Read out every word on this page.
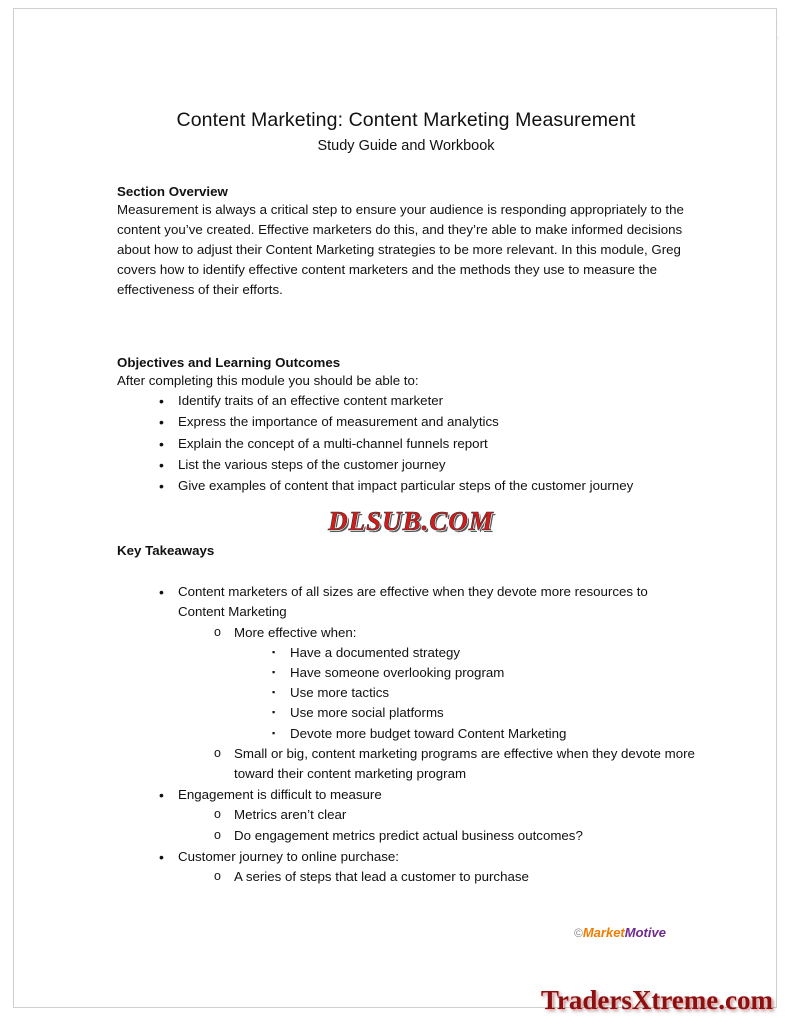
Content Marketing: Content Marketing Measurement
Study Guide and Workbook
Section Overview
Measurement is always a critical step to ensure your audience is responding appropriately to the content you’ve created. Effective marketers do this, and they’re able to make informed decisions about how to adjust their Content Marketing strategies to be more relevant. In this module, Greg covers how to identify effective content marketers and the methods they use to measure the effectiveness of their efforts.
Objectives and Learning Outcomes
After completing this module you should be able to:
• Identify traits of an effective content marketer
• Express the importance of measurement and analytics
• Explain the concept of a multi-channel funnels report
• List the various steps of the customer journey
• Give examples of content that impact particular steps of the customer journey
Key Takeaways
• Content marketers of all sizes are effective when they devote more resources to Content Marketing
o More effective when:
▪ Have a documented strategy
▪ Have someone overlooking program
▪ Use more tactics
▪ Use more social platforms
▪ Devote more budget toward Content Marketing
o Small or big, content marketing programs are effective when they devote more toward their content marketing program
• Engagement is difficult to measure
o Metrics aren’t clear
o Do engagement metrics predict actual business outcomes?
• Customer journey to online purchase:
o A series of steps that lead a customer to purchase
DLSUB.COM
©MarketMotive
TradersXtreme.com
